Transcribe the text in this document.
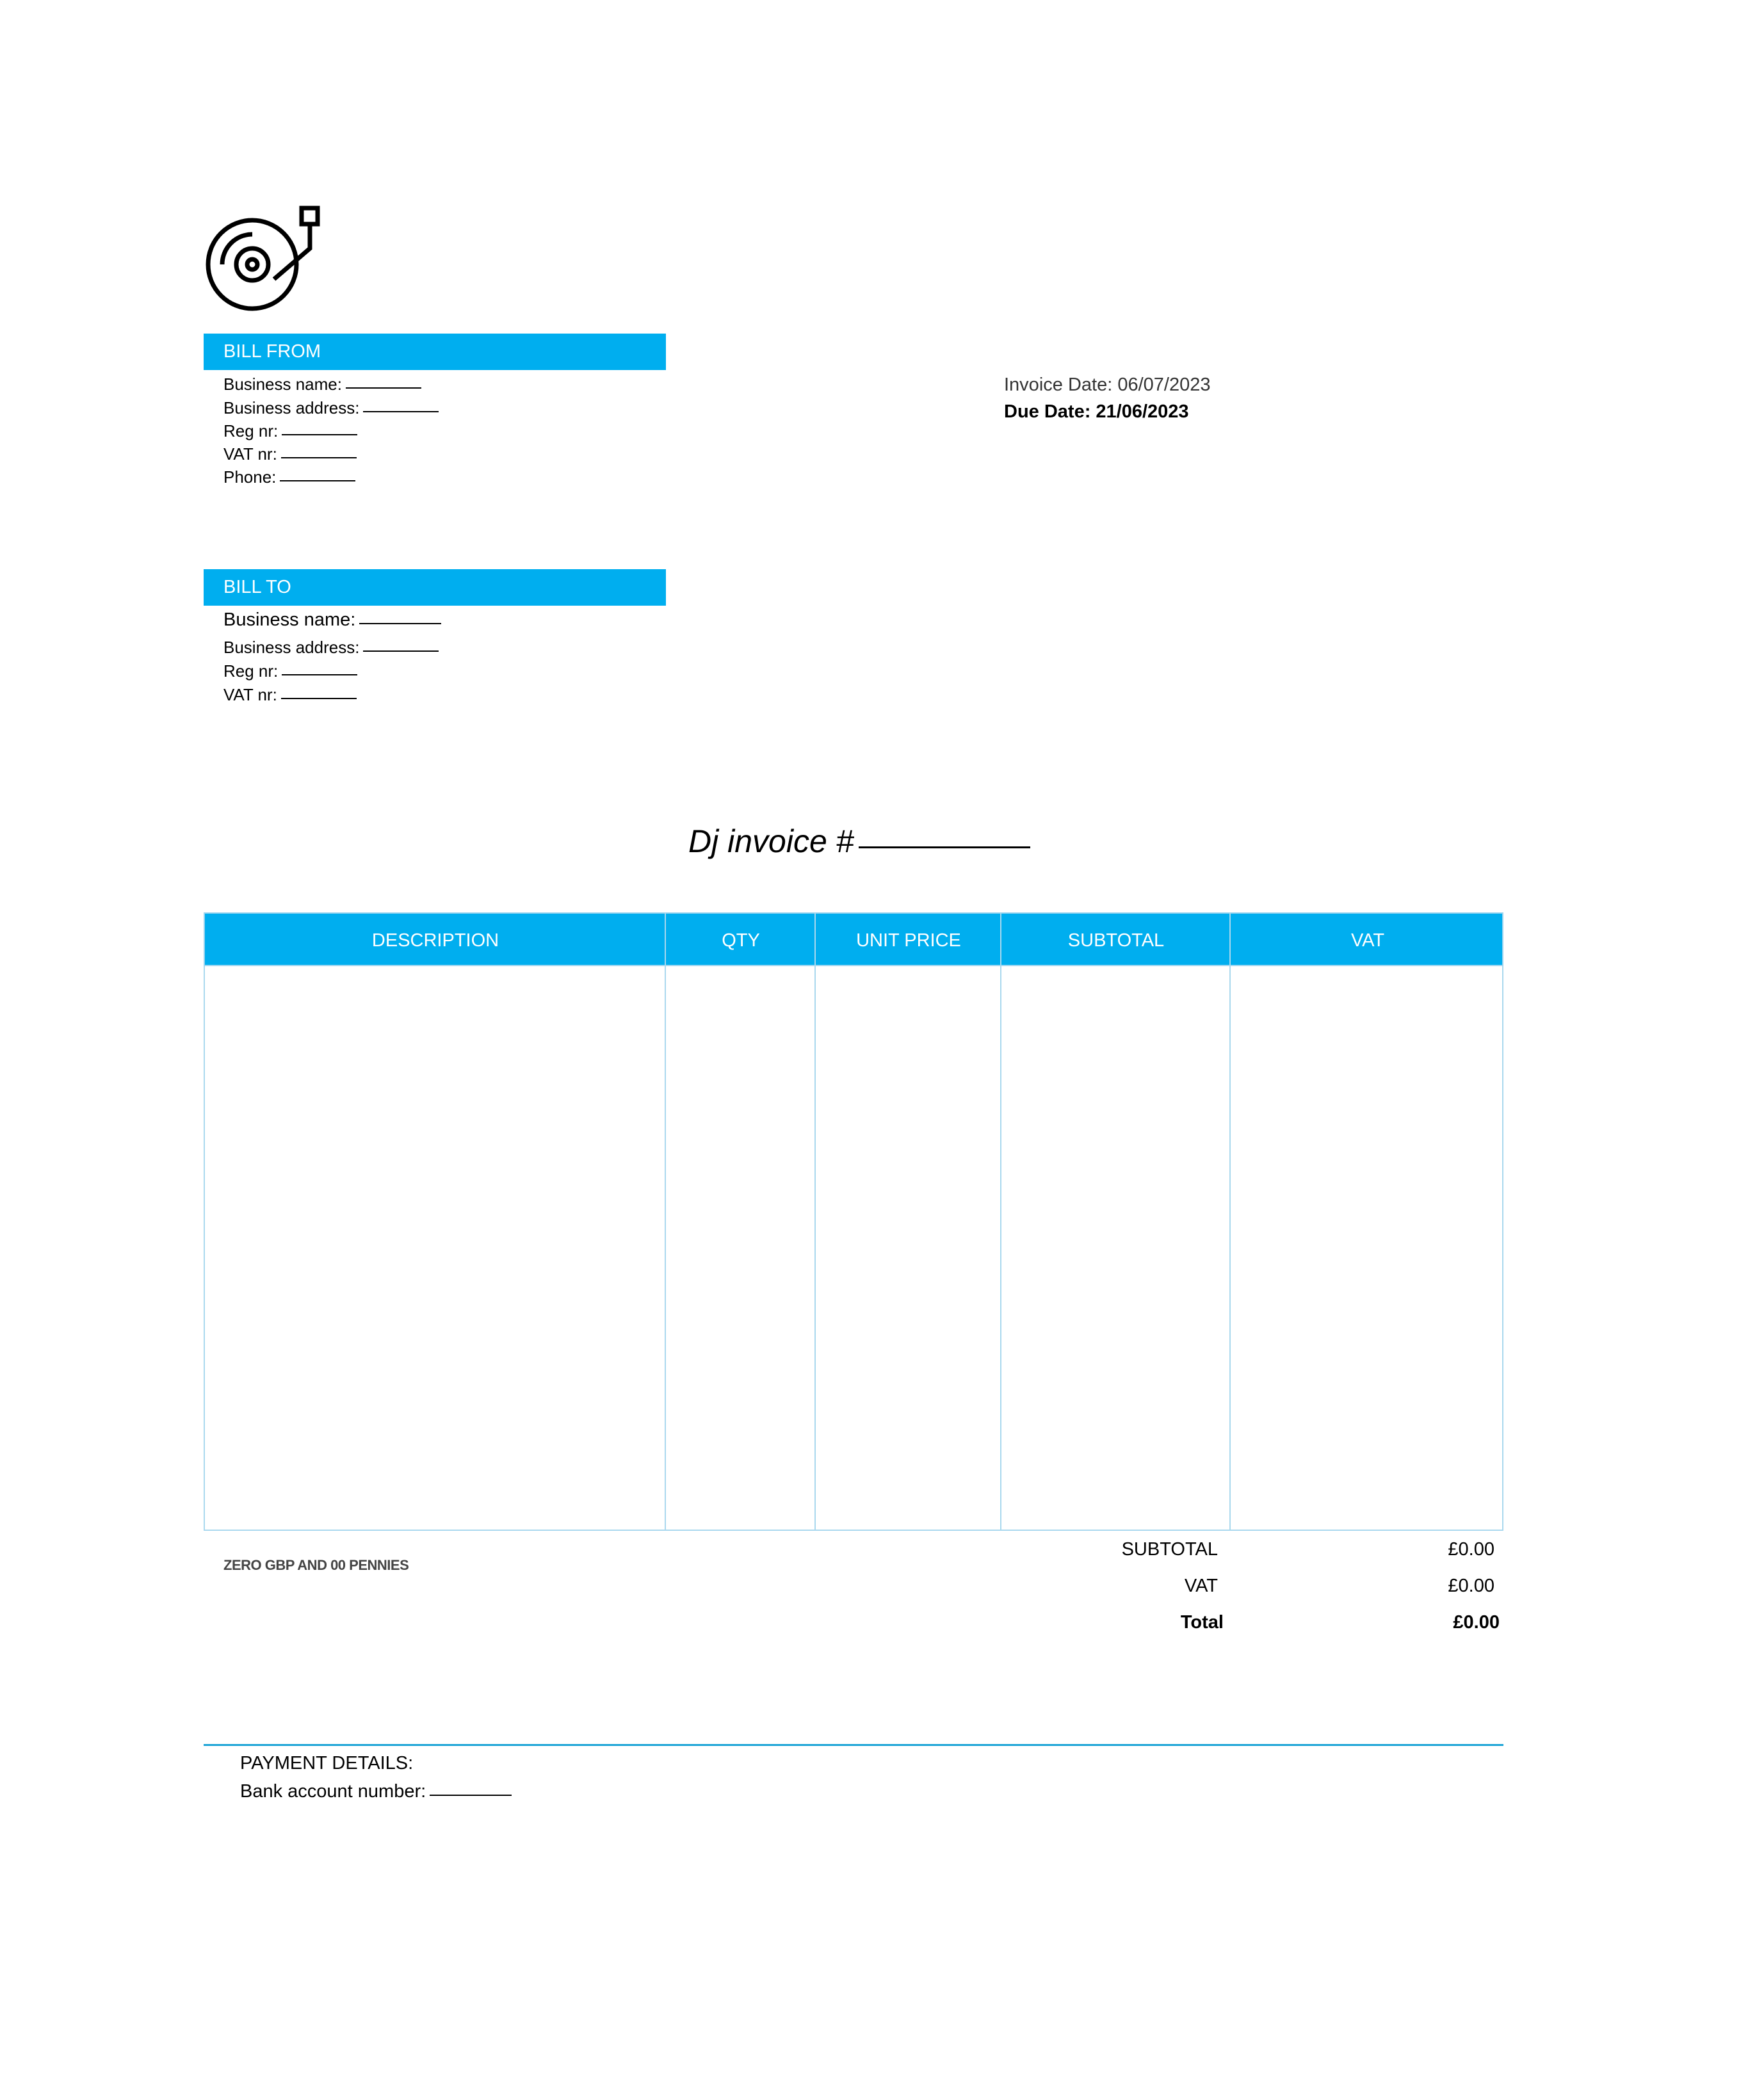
BILL FROM
Business name:
Business address:
Reg nr:
VAT nr:
Phone:
Invoice Date: 06/07/2023
Due Date: 21/06/2023
BILL TO
Business name:
Business address:
Reg nr:
VAT nr:
Dj invoice #
DESCRIPTION	QTY	UNIT PRICE	SUBTOTAL	VAT
ZERO GBP AND 00 PENNIES
SUBTOTAL	£0.00
VAT	£0.00
Total	£0.00
PAYMENT DETAILS:
Bank account number:
